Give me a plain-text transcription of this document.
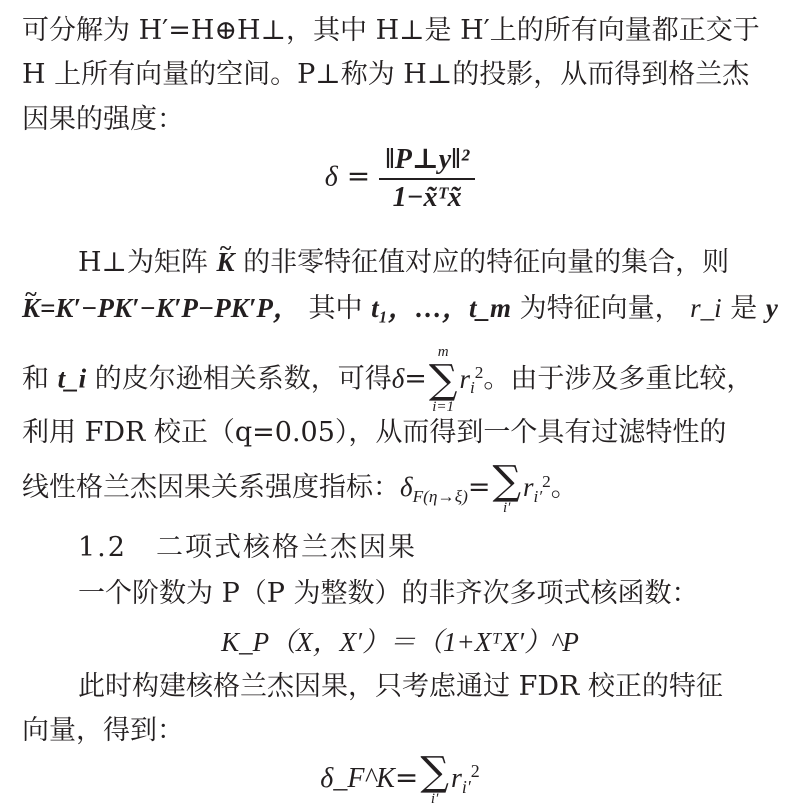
可分解为 H′=H⊕H⊥，其中 H⊥是 H′上的所有向量都正交于
H 上所有向量的空间。P⊥称为 H⊥的投影，从而得到格兰杰
因果的强度：
$\delta = \frac{\text{‖P⊥y‖²}}{\text{1−x̃ᵀx̃}}$
H⊥为矩阵 ~ K 的非零特征值对应的特征向量的集合，则
~ K=K′−PK′−K′P−PK′P， 其中 t₁，…，t_m 为特征向量， r_i 是 y
和 t_i 的皮尔逊相关系数，可得δ=
m
∑
i=1
$r_i^2$。由于涉及多重比较，
利用 FDR 校正（q=0.05），从而得到一个具有过滤特性的
线性格兰杰因果关系强度指标：$\delta_{F(\eta\to\xi)}=$ ∑
i′
$r_{i'}^2$。
1.2　二项式核格兰杰因果
一个阶数为 P（P 为整数）的非齐次多项式核函数：
K_P（X，X′）＝（1+XᵀX′）^P
此时构建核格兰杰因果，只考虑通过 FDR 校正的特征
向量，得到：
δ_F^K= ∑
i′
$r_{i'}^2$
